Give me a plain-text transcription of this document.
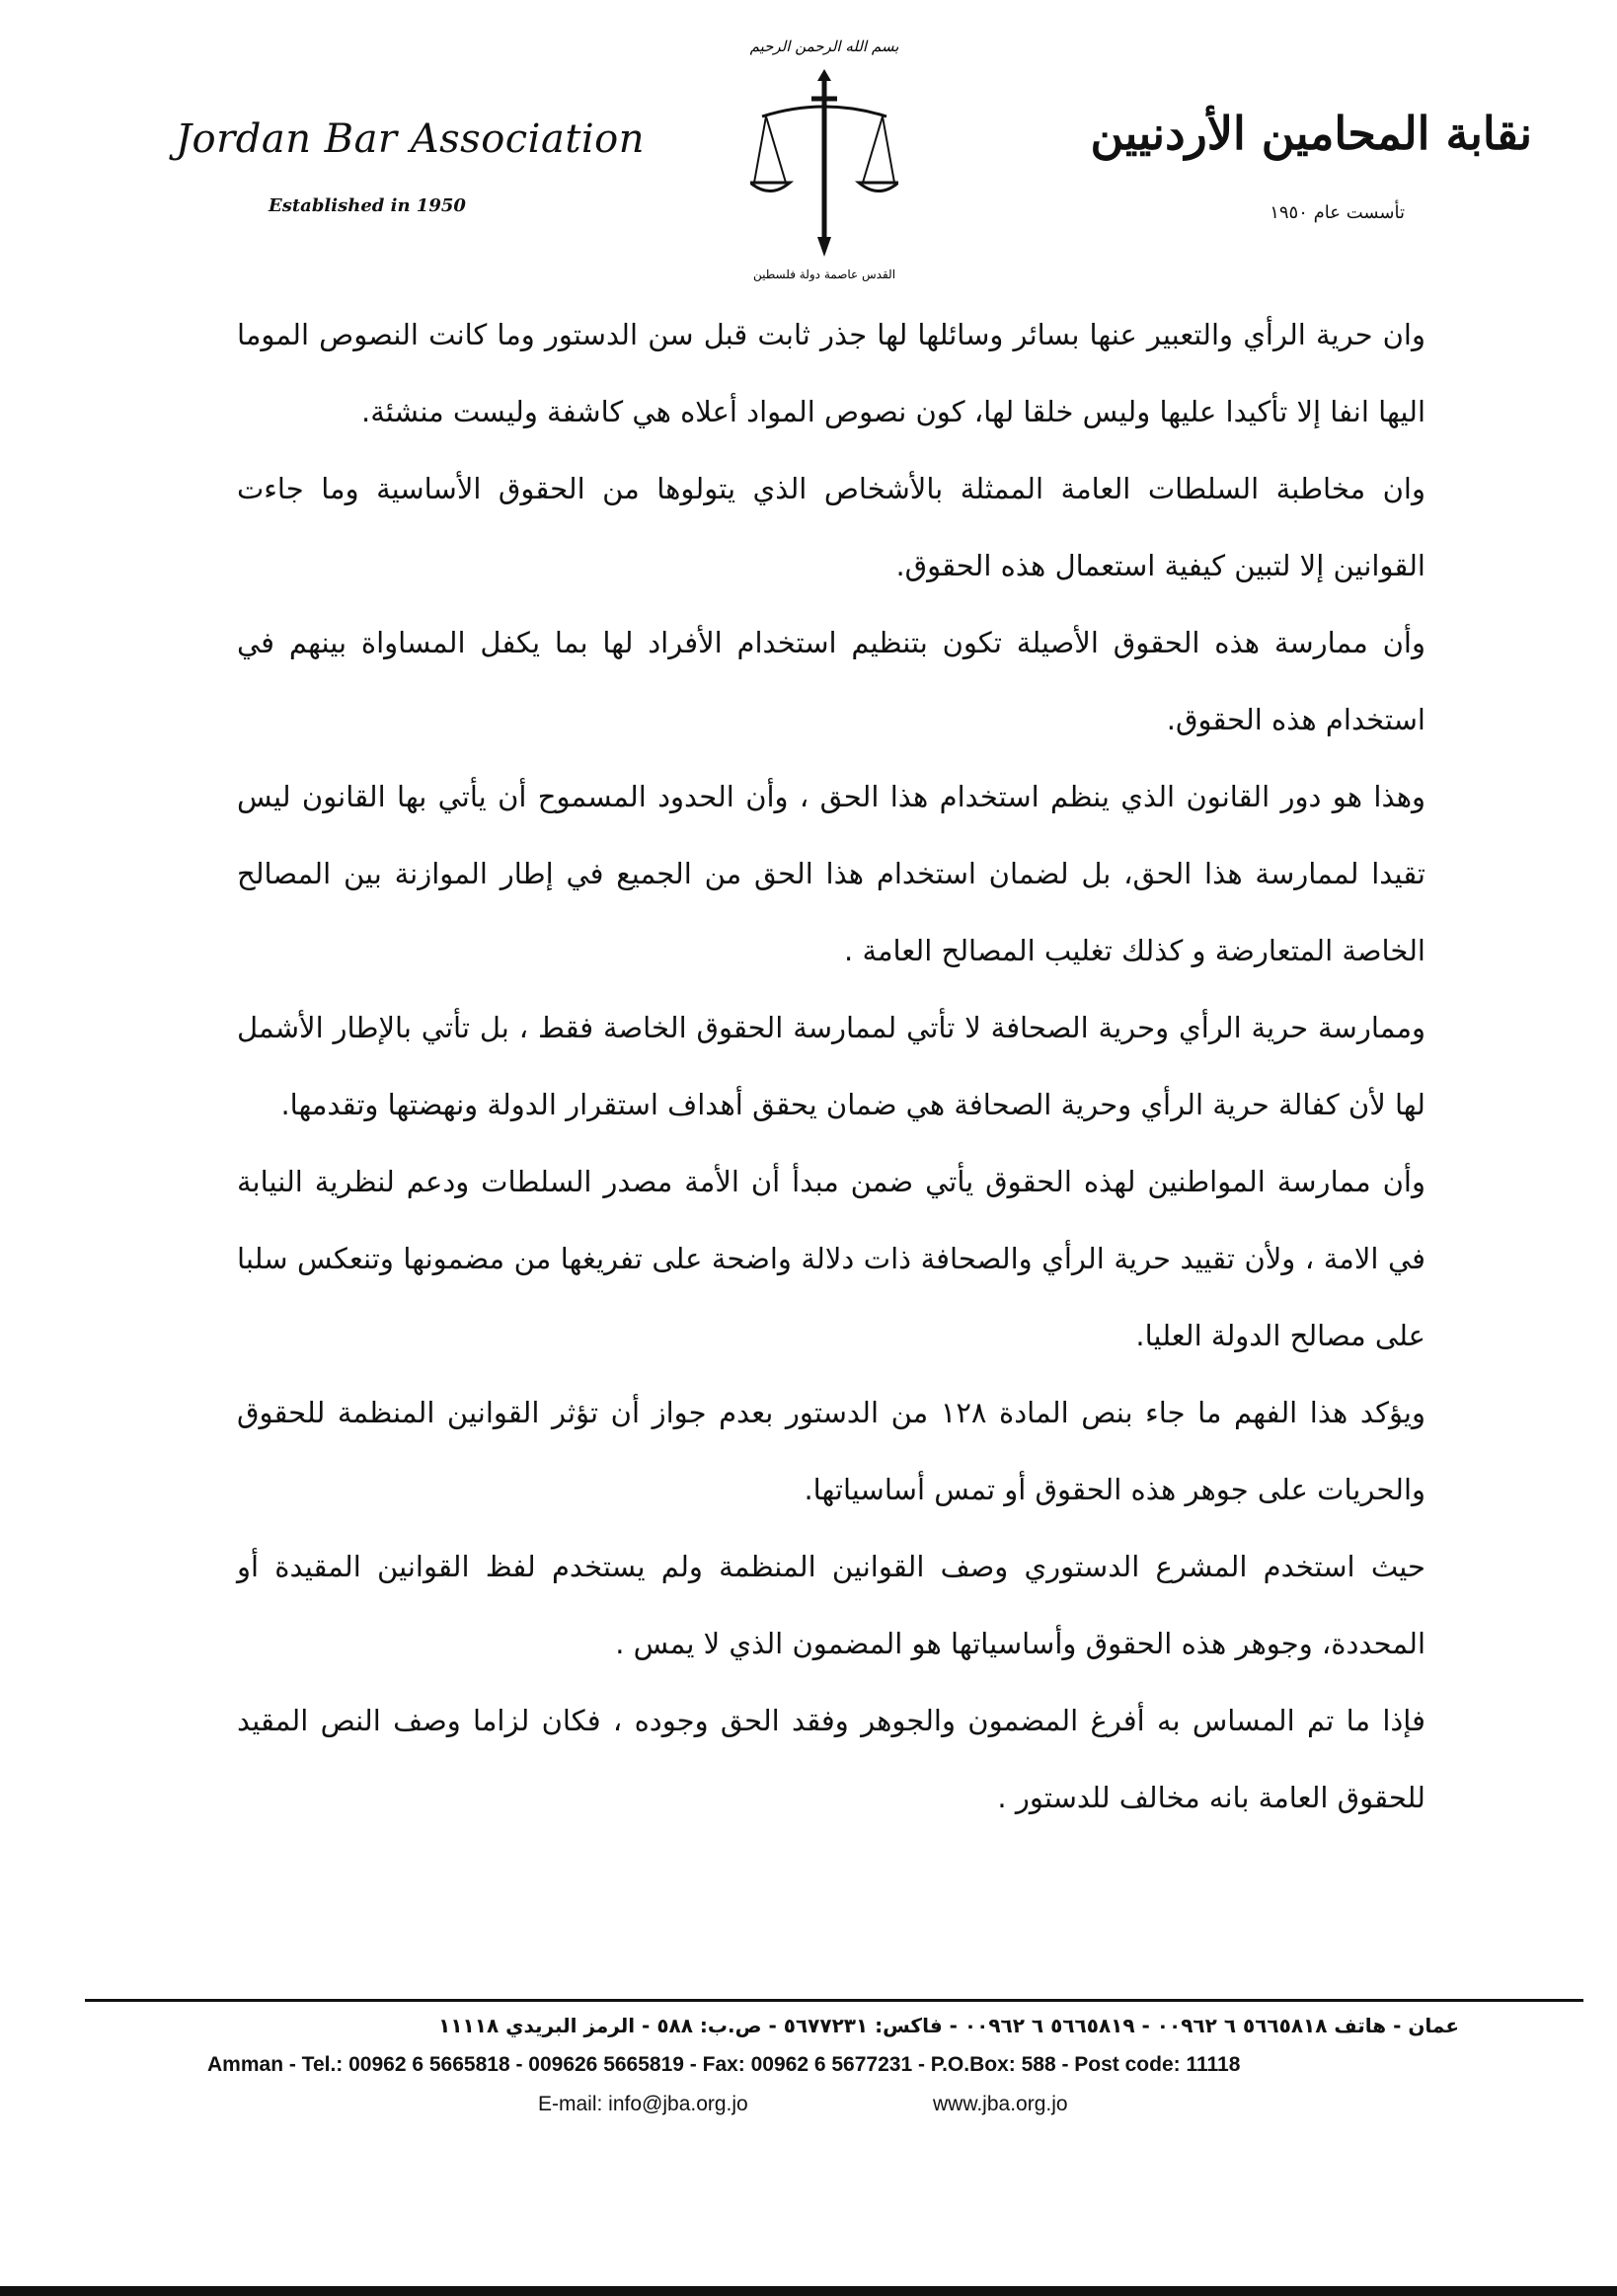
Jordan Bar Association
Established in 1950
بسم الله الرحمن الرحيم
القدس عاصمة دولة فلسطين
نقابة المحامين الأردنيين
تأسست عام ١٩٥٠

وان حرية الرأي والتعبير عنها بسائر وسائلها لها جذر ثابت قبل سن الدستور وما كانت النصوص الموما اليها انفا إلا تأكيدا عليها وليس خلقا لها، كون نصوص المواد أعلاه هي كاشفة وليست منشئة.

وان مخاطبة السلطات العامة الممثلة بالأشخاص الذي يتولوها من الحقوق الأساسية وما جاءت القوانين إلا لتبين كيفية استعمال هذه الحقوق.

وأن ممارسة هذه الحقوق الأصيلة تكون بتنظيم استخدام الأفراد لها بما يكفل المساواة بينهم في استخدام هذه الحقوق.

وهذا هو دور القانون الذي ينظم استخدام هذا الحق ، وأن الحدود المسموح أن يأتي بها القانون ليس تقيدا لممارسة هذا الحق، بل لضمان استخدام هذا الحق من الجميع في إطار الموازنة بين المصالح الخاصة المتعارضة و كذلك تغليب المصالح العامة .

وممارسة حرية الرأي وحرية الصحافة لا تأتي لممارسة الحقوق الخاصة فقط ، بل تأتي بالإطار الأشمل لها لأن كفالة حرية الرأي وحرية الصحافة هي ضمان يحقق أهداف استقرار الدولة ونهضتها وتقدمها.

وأن ممارسة المواطنين لهذه الحقوق يأتي ضمن مبدأ أن الأمة مصدر السلطات ودعم لنظرية النيابة في الامة ، ولأن تقييد حرية الرأي والصحافة ذات دلالة واضحة على تفريغها من مضمونها وتنعكس سلبا على مصالح الدولة العليا.

ويؤكد هذا الفهم ما جاء بنص المادة ١٢٨ من الدستور بعدم جواز أن تؤثر القوانين المنظمة للحقوق والحريات على جوهر هذه الحقوق أو تمس أساسياتها.

حيث استخدم المشرع الدستوري وصف القوانين المنظمة ولم يستخدم لفظ القوانين المقيدة أو المحددة، وجوهر هذه الحقوق وأساسياتها هو المضمون الذي لا يمس .

فإذا ما تم المساس به أفرغ المضمون والجوهر وفقد الحق وجوده ، فكان لزاما وصف النص المقيد للحقوق العامة بانه مخالف للدستور .

عمان - هاتف ٥٦٦٥٨١٨ ٦ ٠٠٩٦٢ - ٥٦٦٥٨١٩ ٦ ٠٠٩٦٢ - فاكس: ٥٦٧٧٢٣١ - ص.ب: ٥٨٨ - الرمز البريدي ١١١١٨
Amman - Tel.: 00962 6 5665818 - 009626 5665819 - Fax: 00962 6 5677231 - P.O.Box: 588 - Post code: 11118
E-mail: info@jba.org.jo	www.jba.org.jo
